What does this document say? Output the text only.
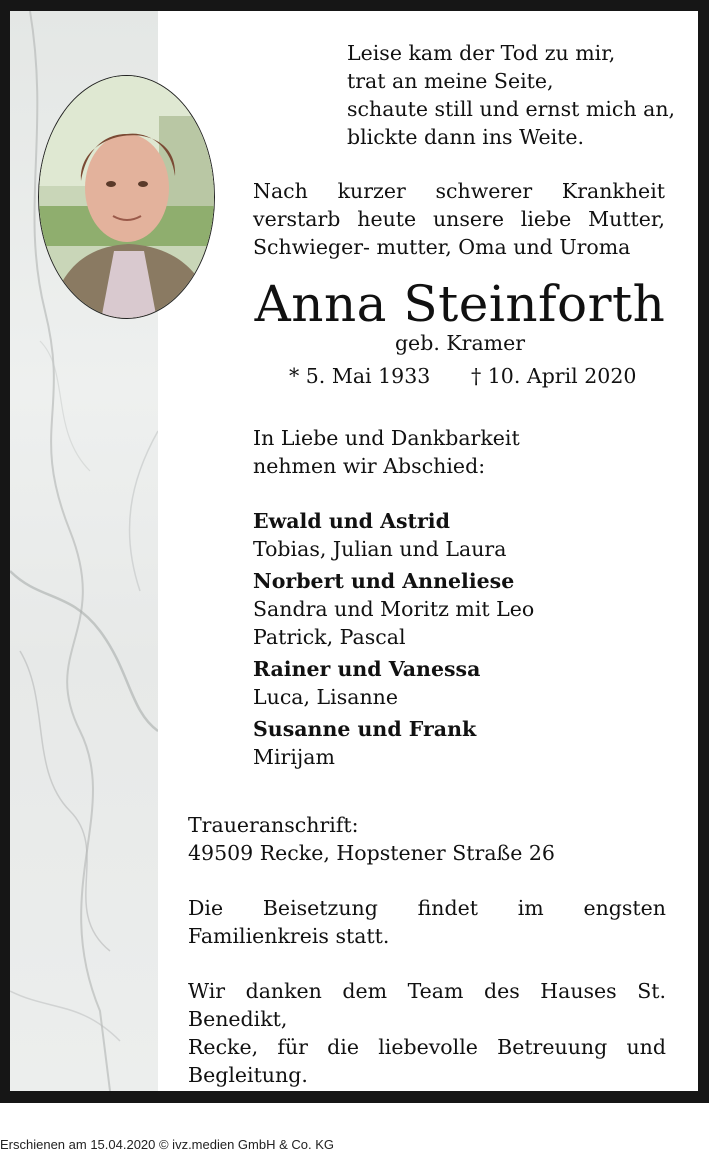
Leise kam der Tod zu mir,
trat an meine Seite,
schaute still und ernst mich an,
blickte dann ins Weite.

Nach kurzer schwerer Krankheit verstarb heute unsere liebe Mutter, Schwieger- mutter, Oma und Uroma

Anna Steinforth
geb. Kramer
* 5. Mai 1933 † 10. April 2020

In Liebe und Dankbarkeit
nehmen wir Abschied:

Ewald und Astrid
Tobias, Julian und Laura
Norbert und Anneliese
Sandra und Moritz mit Leo
Patrick, Pascal
Rainer und Vanessa
Luca, Lisanne
Susanne und Frank
Mirijam

Traueranschrift:
49509 Recke, Hopstener Straße 26

Die Beisetzung findet im engsten Familienkreis statt.

Wir danken dem Team des Hauses St. Benedikt,
Recke, für die liebevolle Betreuung und
Begleitung.
Erschienen am 15.04.2020 © ivz.medien GmbH & Co. KG
